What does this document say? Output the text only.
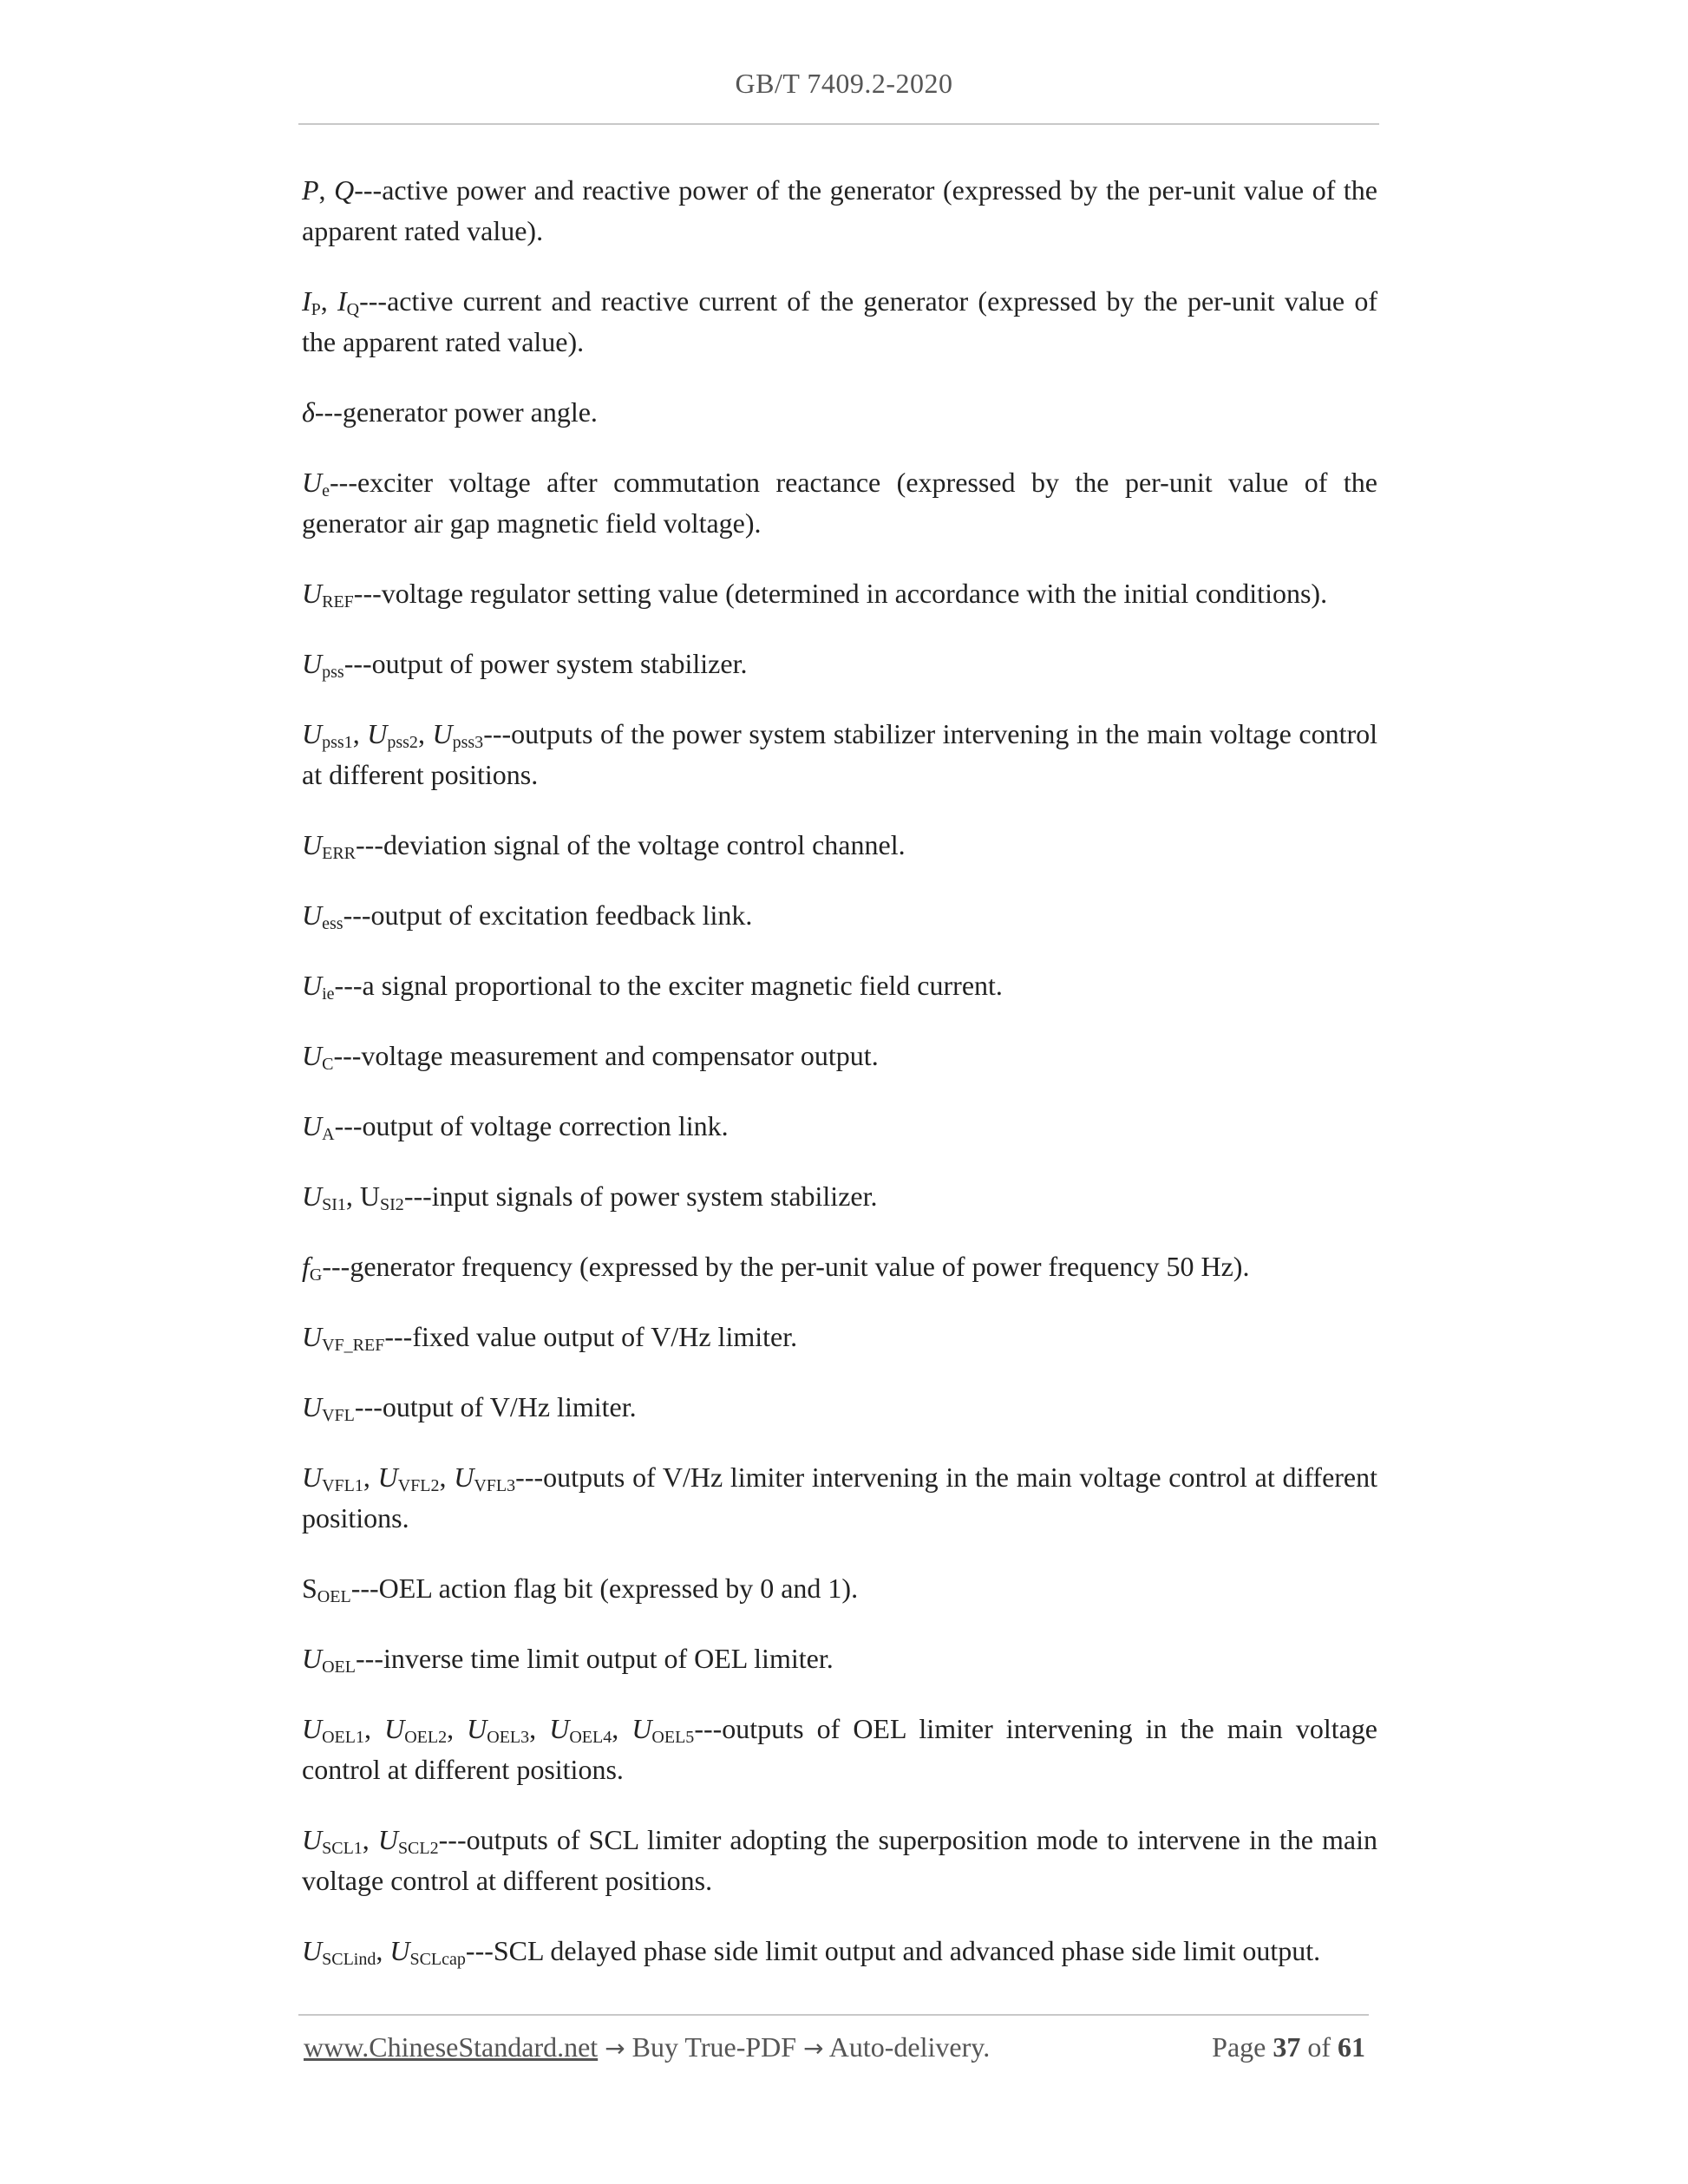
GB/T 7409.2-2020
P, Q---active power and reactive power of the generator (expressed by the per-unit value of the apparent rated value).
$I_P$, $I_Q--$-active current and reactive current of the generator (expressed by the per-unit value of the apparent rated value).
δ---generator power angle.
$U_e--$-exciter voltage after commutation reactance (expressed by the per-unit value of the generator air gap magnetic field voltage).
$U_{REF}--$-voltage regulator setting value (determined in accordance with the initial conditions).
$U_{pss}--$-output of power system stabilizer.
$U_{pss1}$, $U_{pss2}$, $U_{pss3}--$-outputs of the power system stabilizer intervening in the main voltage control at different positions.
$U_{ERR}--$-deviation signal of the voltage control channel.
$U_{ess}--$-output of excitation feedback link.
$U_{ie}---a$ signal proportional to the exciter magnetic field current.
$U_C--$-voltage measurement and compensator output.
$U_A--$-output of voltage correction link.
$U_{SI1}$, $U_{SI2}--$-input signals of power system stabilizer.
$f_G--$-generator frequency (expressed by the per-unit value of power frequency 50 Hz).
$U_{VF\_REF}--$-fixed value output of V/Hz limiter.
$U_{VFL}--$-output of V/Hz limiter.
$U_{VFL1}$, $U_{VFL2}$, $U_{VFL3}--$-outputs of V/Hz limiter intervening in the main voltage control at different positions.
$S_{OEL}--$-OEL action flag bit (expressed by 0 and 1).
$U_{OEL}--$-inverse time limit output of OEL limiter.
$U_{OEL1}$, $U_{OEL2}$, $U_{OEL3}$, $U_{OEL4}$, $U_{OEL5}--$-outputs of OEL limiter intervening in the main voltage control at different positions.
$U_{SCL1}$, $U_{SCL2}--$-outputs of SCL limiter adopting the superposition mode to intervene in the main voltage control at different positions.
$U_{SCLind}$, $U_{SCLcap}--$-SCL delayed phase side limit output and advanced phase side limit output.
www.ChineseStandard.net → Buy True-PDF → Auto-delivery.	Page 37 of 61
